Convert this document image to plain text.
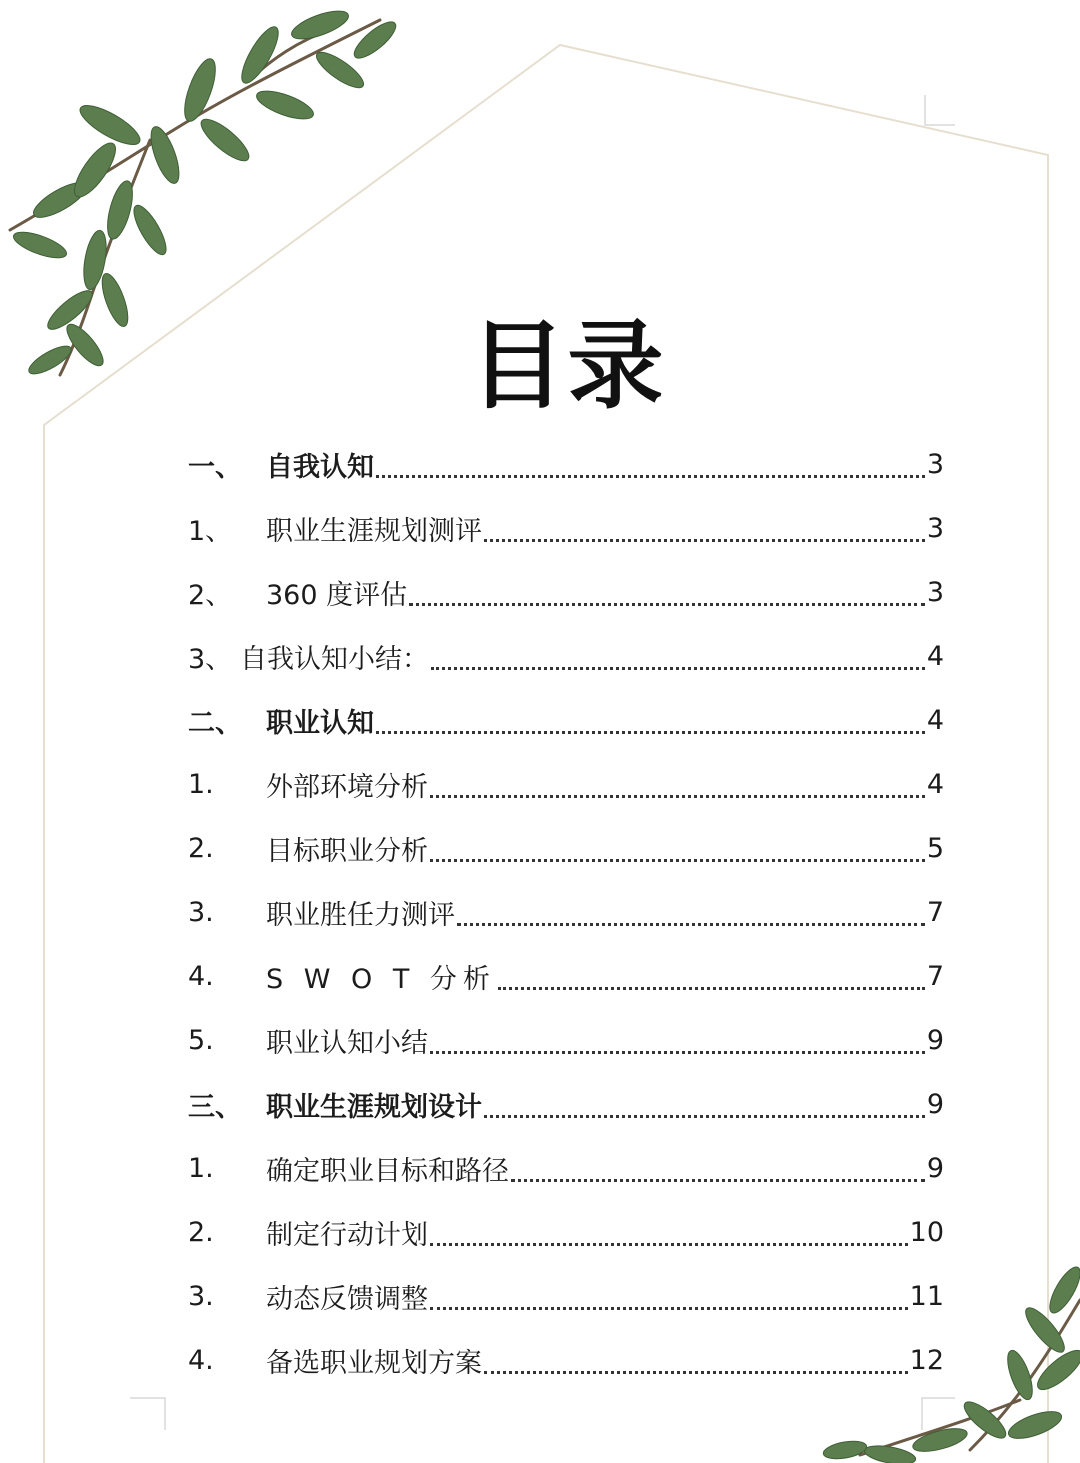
目录
一、 自我认知	3
1、	职业生涯规划测评	3
2、	360 度评估	3
3、 自我认知小结：	4
二、 职业认知	4
1.	外部环境分析	4
2.	目标职业分析	5
3.	职业胜任力测评	7
4.	S W O T 分析	7
5.	职业认知小结	9
三、 职业生涯规划设计	9
1.	确定职业目标和路径	9
2.	制定行动计划	10
3.	动态反馈调整	11
4.	备选职业规划方案	12
